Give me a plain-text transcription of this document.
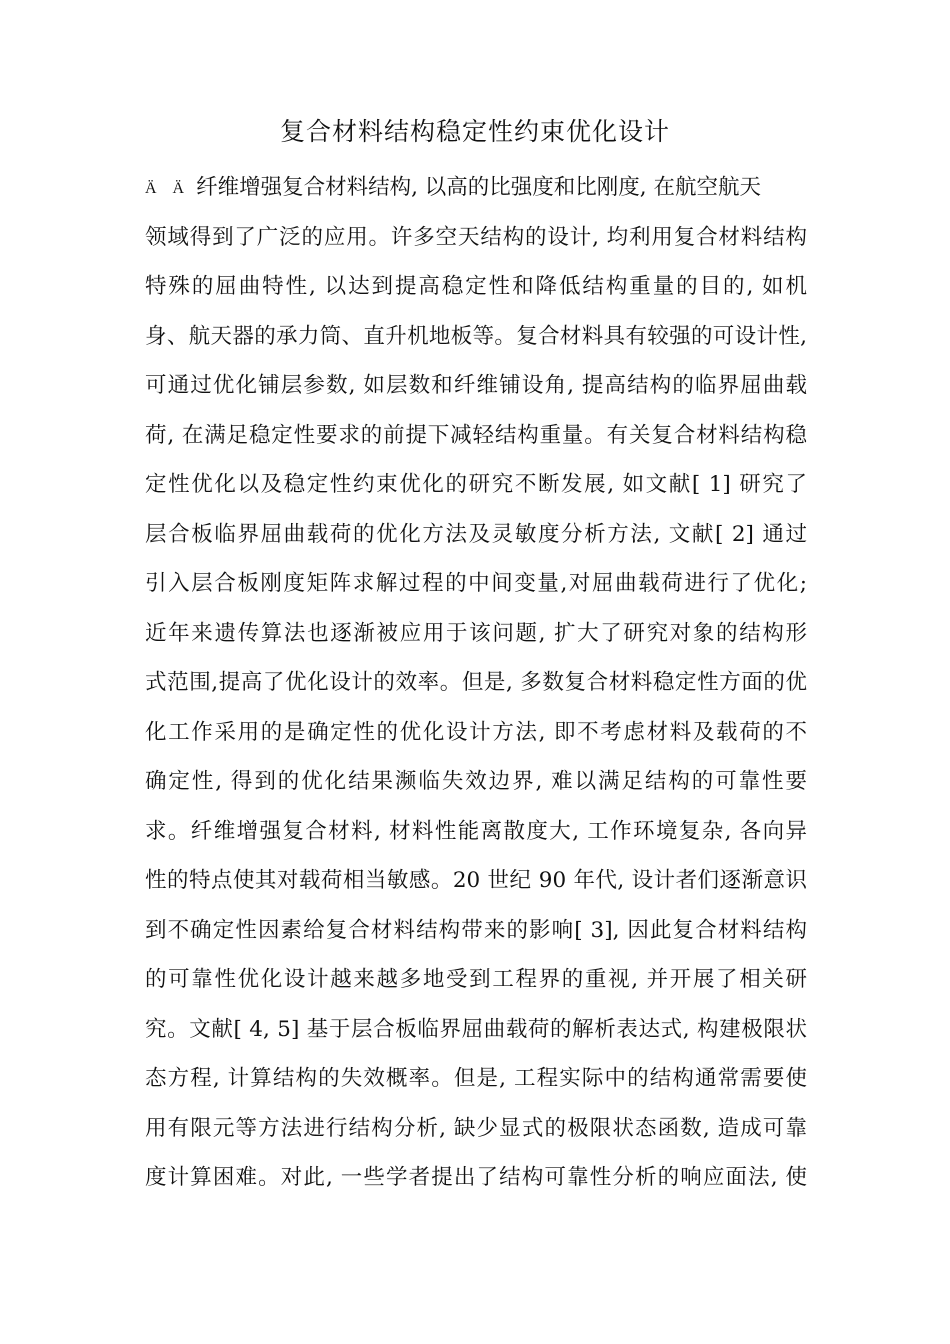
复合材料结构稳定性约束优化设计
Ä Ä 纤维增强复合材料结构, 以高的比强度和比刚度, 在航空航天
领域得到了广泛的应用。许多空天结构的设计, 均利用复合材料结构
特殊的屈曲特性, 以达到提高稳定性和降低结构重量的目的, 如机
身、航天器的承力筒、直升机地板等。复合材料具有较强的可设计性,
可通过优化铺层参数, 如层数和纤维铺设角, 提高结构的临界屈曲载
荷, 在满足稳定性要求的前提下减轻结构重量。有关复合材料结构稳
定性优化以及稳定性约束优化的研究不断发展, 如文献[ 1] 研究了
层合板临界屈曲载荷的优化方法及灵敏度分析方法, 文献[ 2] 通过
引入层合板刚度矩阵求解过程的中间变量,对屈曲载荷进行了优化;
近年来遗传算法也逐渐被应用于该问题, 扩大了研究对象的结构形
式范围,提高了优化设计的效率。但是, 多数复合材料稳定性方面的优
化工作采用的是确定性的优化设计方法, 即不考虑材料及载荷的不
确定性, 得到的优化结果濒临失效边界, 难以满足结构的可靠性要
求。纤维增强复合材料, 材料性能离散度大, 工作环境复杂, 各向异
性的特点使其对载荷相当敏感。20 世纪 90 年代, 设计者们逐渐意识
到不确定性因素给复合材料结构带来的影响[ 3], 因此复合材料结构
的可靠性优化设计越来越多地受到工程界的重视, 并开展了相关研
究。文献[ 4, 5] 基于层合板临界屈曲载荷的解析表达式, 构建极限状
态方程, 计算结构的失效概率。但是, 工程实际中的结构通常需要使
用有限元等方法进行结构分析, 缺少显式的极限状态函数, 造成可靠
度计算困难。对此, 一些学者提出了结构可靠性分析的响应面法, 使
